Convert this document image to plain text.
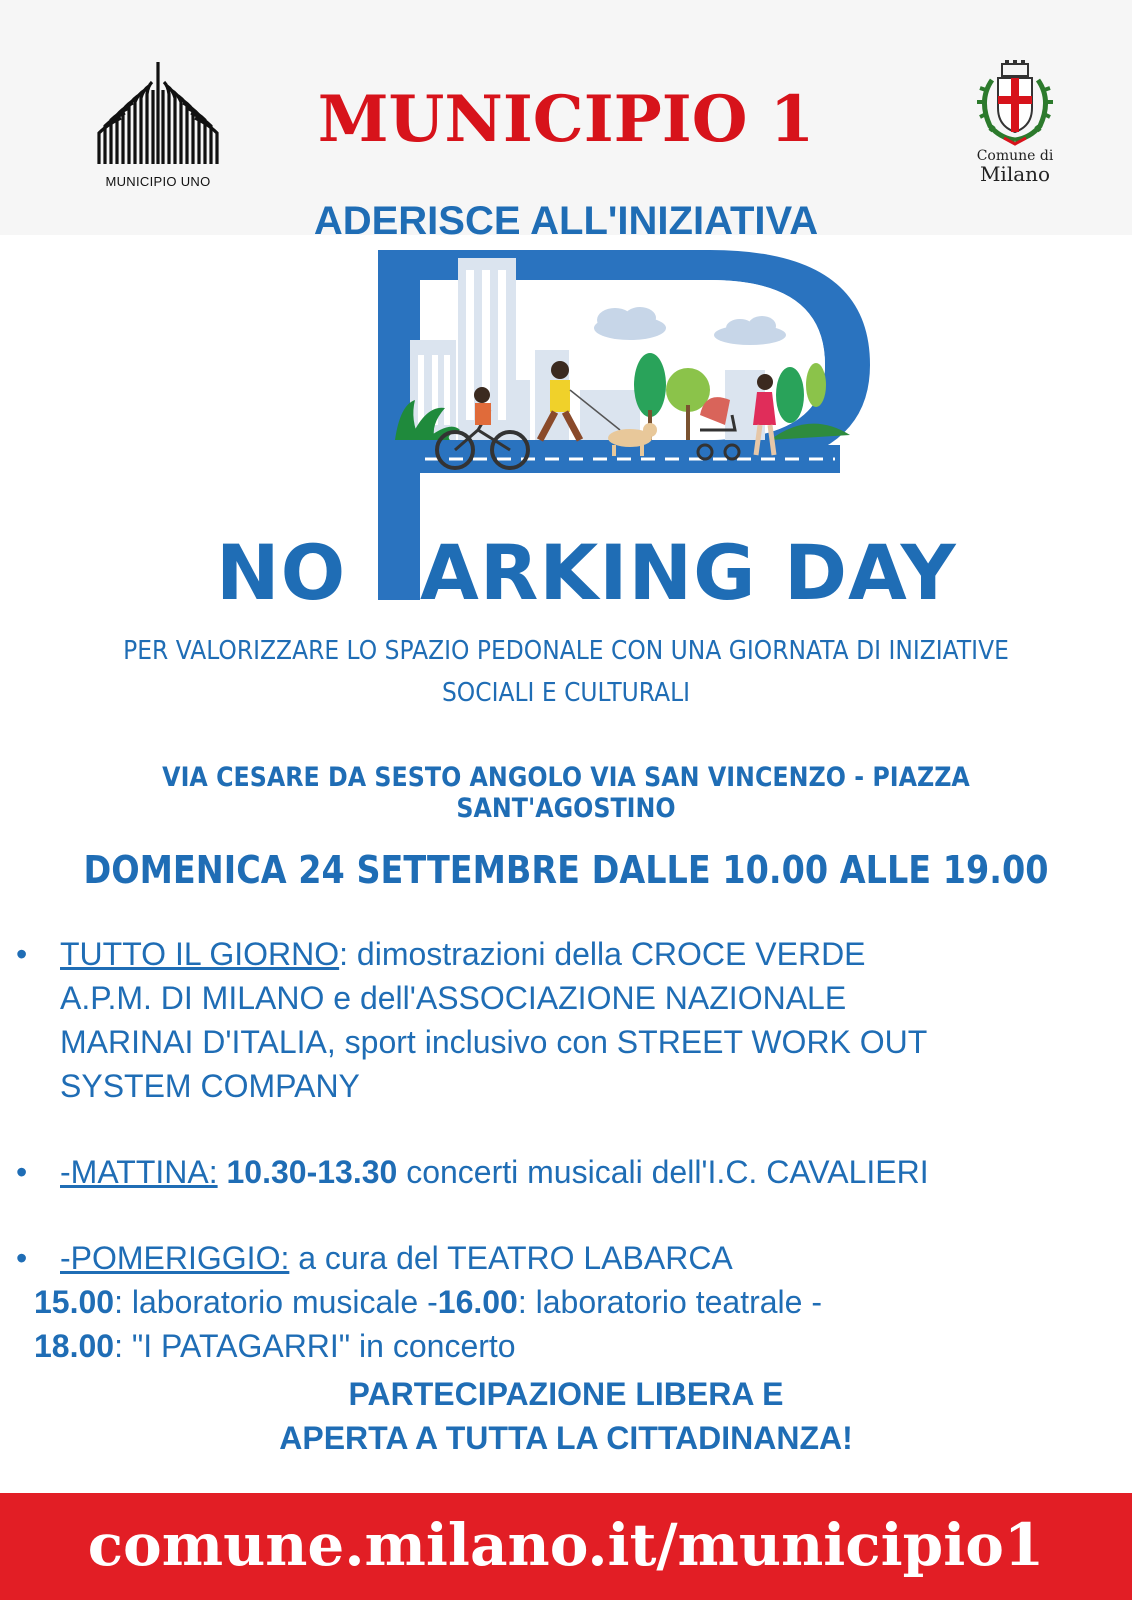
MUNICIPIO UNO
MUNICIPIO 1	Comune di
Milano
ADERISCE ALL'INIZIATIVA
NO ARKING DAY
PER VALORIZZARE LO SPAZIO PEDONALE CON UNA GIORNATA DI INIZIATIVE
SOCIALI E CULTURALI
VIA CESARE DA SESTO ANGOLO VIA SAN VINCENZO - PIAZZA SANT'AGOSTINO
DOMENICA 24 SETTEMBRE DALLE 10.00 ALLE 19.00
• TUTTO IL GIORNO: dimostrazioni della CROCE VERDE
A.P.M. DI MILANO e dell'ASSOCIAZIONE NAZIONALE
MARINAI D'ITALIA, sport inclusivo con STREET WORK OUT
SYSTEM COMPANY
• -MATTINA: 10.30-13.30 concerti musicali dell'I.C. CAVALIERI
• -POMERIGGIO: a cura del TEATRO LABARCA
15.00: laboratorio musicale -16.00: laboratorio teatrale -
18.00: "I PATAGARRI" in concerto
PARTECIPAZIONE LIBERA E
APERTA A TUTTA LA CITTADINANZA!
comune.milano.it/municipio1
